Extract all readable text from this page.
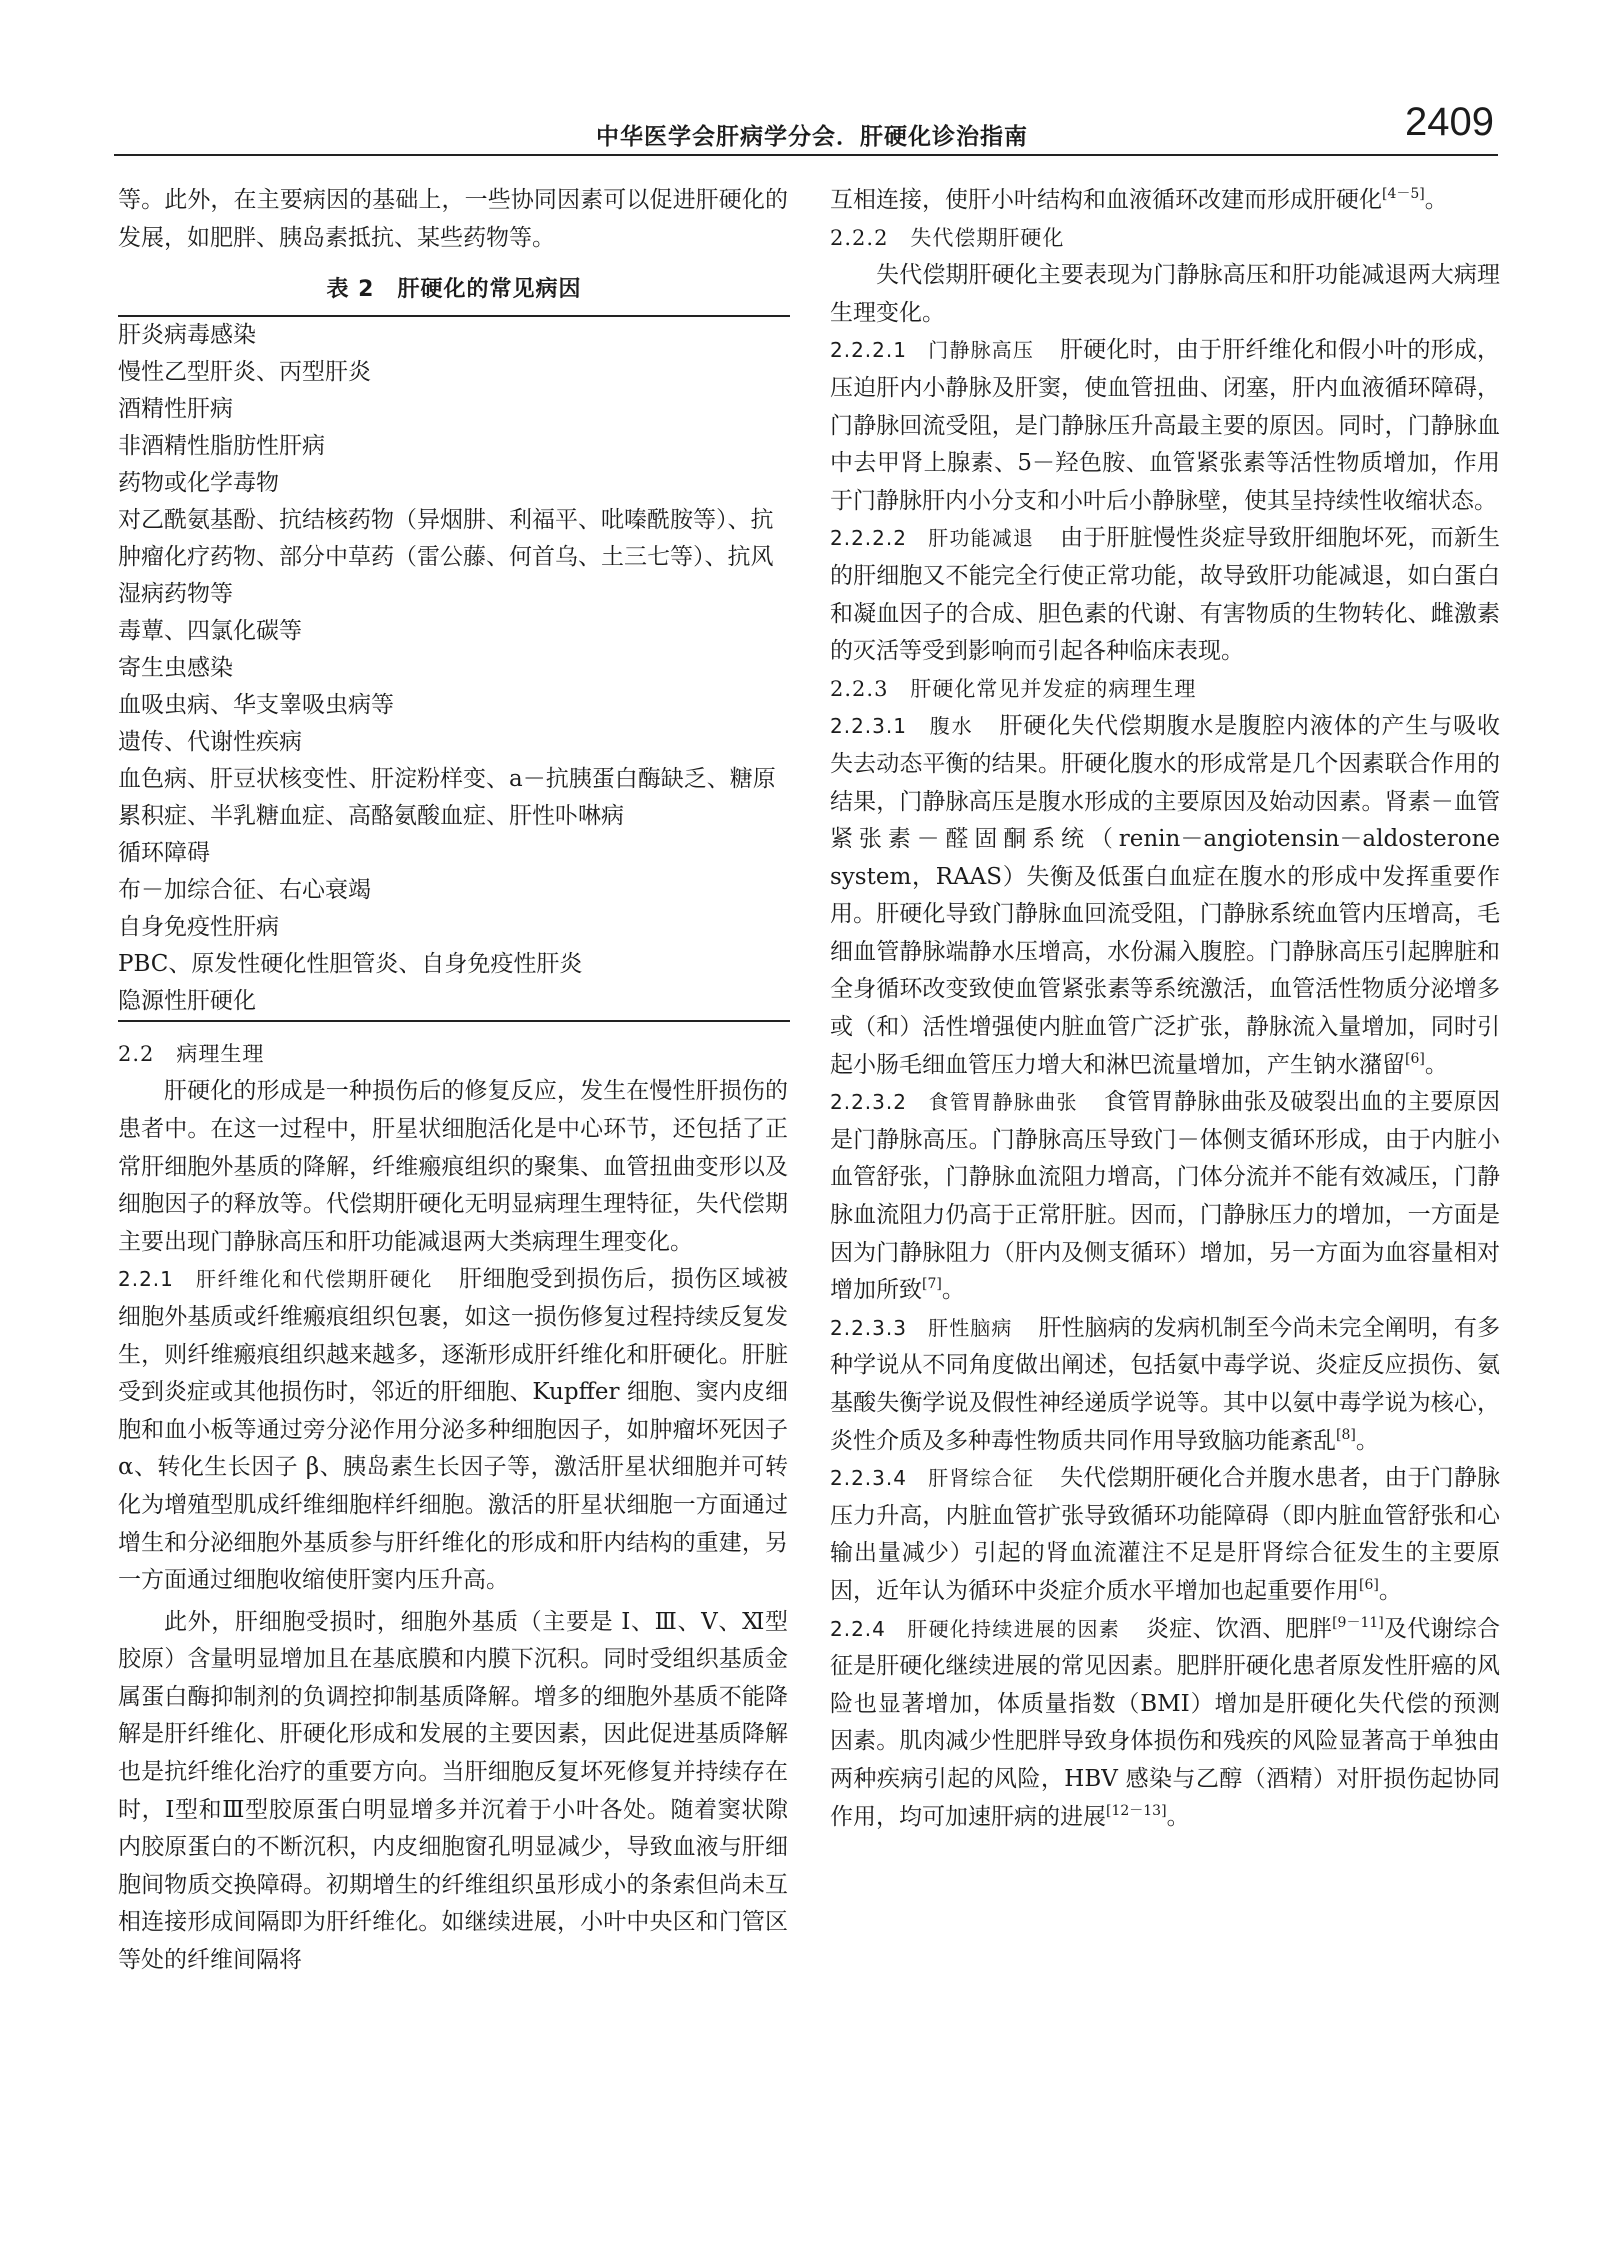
中华医学会肝病学分会．肝硬化诊治指南	2409

等。此外，在主要病因的基础上，一些协同因素可以促进肝硬化的发展，如肥胖、胰岛素抵抗、某些药物等。

表 2　肝硬化的常见病因
肝炎病毒感染
慢性乙型肝炎、丙型肝炎
酒精性肝病
非酒精性脂肪性肝病
药物或化学毒物
对乙酰氨基酚、抗结核药物（异烟肼、利福平、吡嗪酰胺等）、抗肿瘤化疗药物、部分中草药（雷公藤、何首乌、土三七等）、抗风湿病药物等
毒蕈、四氯化碳等
寄生虫感染
血吸虫病、华支睾吸虫病等
遗传、代谢性疾病
血色病、肝豆状核变性、肝淀粉样变、a－抗胰蛋白酶缺乏、糖原累积症、半乳糖血症、高酪氨酸血症、肝性卟啉病
循环障碍
布－加综合征、右心衰竭
自身免疫性肝病
PBC、原发性硬化性胆管炎、自身免疫性肝炎
隐源性肝硬化

2.2　病理生理

肝硬化的形成是一种损伤后的修复反应，发生在慢性肝损伤的患者中。在这一过程中，肝星状细胞活化是中心环节，还包括了正常肝细胞外基质的降解，纤维瘢痕组织的聚集、血管扭曲变形以及细胞因子的释放等。代偿期肝硬化无明显病理生理特征，失代偿期主要出现门静脉高压和肝功能减退两大类病理生理变化。

2.2.1　肝纤维化和代偿期肝硬化 肝细胞受到损伤后，损伤区域被细胞外基质或纤维瘢痕组织包裹，如这一损伤修复过程持续反复发生，则纤维瘢痕组织越来越多，逐渐形成肝纤维化和肝硬化。肝脏受到炎症或其他损伤时，邻近的肝细胞、Kupffer 细胞、窦内皮细胞和血小板等通过旁分泌作用分泌多种细胞因子，如肿瘤坏死因子 α、转化生长因子 β、胰岛素生长因子等，激活肝星状细胞并可转化为增殖型肌成纤维细胞样纤细胞。激活的肝星状细胞一方面通过增生和分泌细胞外基质参与肝纤维化的形成和肝内结构的重建，另一方面通过细胞收缩使肝窦内压升高。

此外，肝细胞受损时，细胞外基质（主要是 Ⅰ、Ⅲ、Ⅴ、Ⅺ型胶原）含量明显增加且在基底膜和内膜下沉积。同时受组织基质金属蛋白酶抑制剂的负调控抑制基质降解。增多的细胞外基质不能降解是肝纤维化、肝硬化形成和发展的主要因素，因此促进基质降解也是抗纤维化治疗的重要方向。当肝细胞反复坏死修复并持续存在时，Ⅰ型和Ⅲ型胶原蛋白明显增多并沉着于小叶各处。随着窦状隙内胶原蛋白的不断沉积，内皮细胞窗孔明显减少，导致血液与肝细胞间物质交换障碍。初期增生的纤维组织虽形成小的条索但尚未互相连接形成间隔即为肝纤维化。如继续进展，小叶中央区和门管区等处的纤维间隔将

互相连接，使肝小叶结构和血液循环改建而形成肝硬化[4－5]。

2.2.2　失代偿期肝硬化

失代偿期肝硬化主要表现为门静脉高压和肝功能减退两大病理生理变化。

2.2.2.1　门静脉高压 肝硬化时，由于肝纤维化和假小叶的形成，压迫肝内小静脉及肝窦，使血管扭曲、闭塞，肝内血液循环障碍，门静脉回流受阻，是门静脉压升高最主要的原因。同时，门静脉血中去甲肾上腺素、5－羟色胺、血管紧张素等活性物质增加，作用于门静脉肝内小分支和小叶后小静脉壁，使其呈持续性收缩状态。

2.2.2.2　肝功能减退 由于肝脏慢性炎症导致肝细胞坏死，而新生的肝细胞又不能完全行使正常功能，故导致肝功能减退，如白蛋白和凝血因子的合成、胆色素的代谢、有害物质的生物转化、雌激素的灭活等受到影响而引起各种临床表现。

2.2.3　肝硬化常见并发症的病理生理

2.2.3.1　腹水 肝硬化失代偿期腹水是腹腔内液体的产生与吸收失去动态平衡的结果。肝硬化腹水的形成常是几个因素联合作用的结果，门静脉高压是腹水形成的主要原因及始动因素。肾素－血管紧张素－醛固酮系统（renin－angiotensin－aldosterone system，RAAS）失衡及低蛋白血症在腹水的形成中发挥重要作用。肝硬化导致门静脉血回流受阻，门静脉系统血管内压增高，毛细血管静脉端静水压增高，水份漏入腹腔。门静脉高压引起脾脏和全身循环改变致使血管紧张素等系统激活，血管活性物质分泌增多或（和）活性增强使内脏血管广泛扩张，静脉流入量增加，同时引起小肠毛细血管压力增大和淋巴流量增加，产生钠水潴留[6]。

2.2.3.2　食管胃静脉曲张 食管胃静脉曲张及破裂出血的主要原因是门静脉高压。门静脉高压导致门－体侧支循环形成，由于内脏小血管舒张，门静脉血流阻力增高，门体分流并不能有效减压，门静脉血流阻力仍高于正常肝脏。因而，门静脉压力的增加，一方面是因为门静脉阻力（肝内及侧支循环）增加，另一方面为血容量相对增加所致[7]。

2.2.3.3　肝性脑病 肝性脑病的发病机制至今尚未完全阐明，有多种学说从不同角度做出阐述，包括氨中毒学说、炎症反应损伤、氨基酸失衡学说及假性神经递质学说等。其中以氨中毒学说为核心，炎性介质及多种毒性物质共同作用导致脑功能紊乱[8]。

2.2.3.4　肝肾综合征 失代偿期肝硬化合并腹水患者，由于门静脉压力升高，内脏血管扩张导致循环功能障碍（即内脏血管舒张和心输出量减少）引起的肾血流灌注不足是肝肾综合征发生的主要原因，近年认为循环中炎症介质水平增加也起重要作用[6]。

2.2.4　肝硬化持续进展的因素 炎症、饮酒、肥胖[9－11]及代谢综合征是肝硬化继续进展的常见因素。肥胖肝硬化患者原发性肝癌的风险也显著增加，体质量指数（BMI）增加是肝硬化失代偿的预测因素。肌肉减少性肥胖导致身体损伤和残疾的风险显著高于单独由两种疾病引起的风险，HBV 感染与乙醇（酒精）对肝损伤起协同作用，均可加速肝病的进展[12－13]。
